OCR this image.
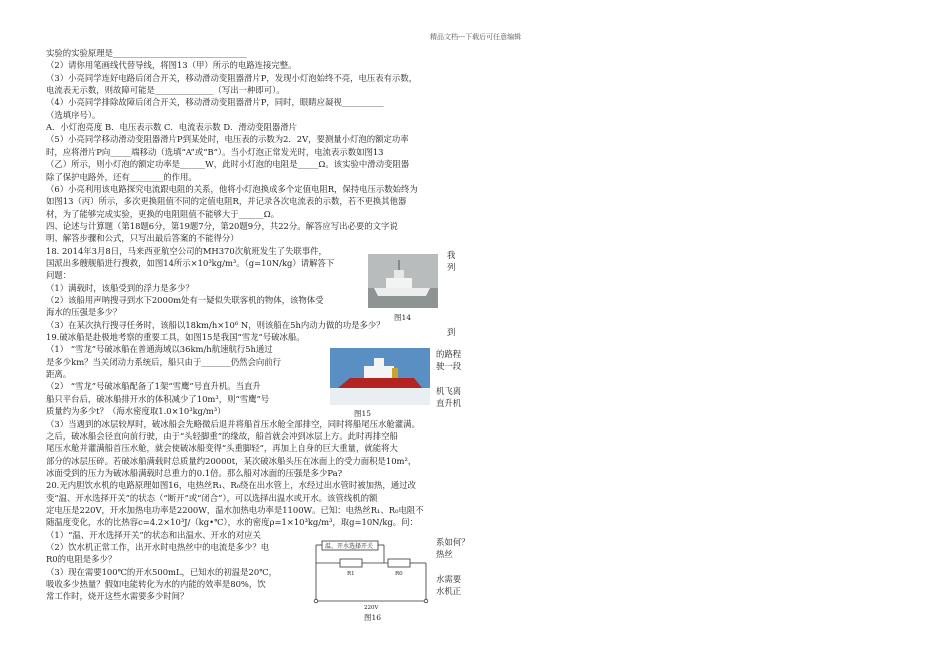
精品文档---下载后可任意编辑
实验的实验原理是________________________________
（2）请你用笔画线代替导线，将图13（甲）所示的电路连接完整。
（3）小亮同学连好电路后闭合开关，移动滑动变阻器滑片P，发现小灯泡始终不亮，电压表有示数，
电流表无示数，则故障可能是______________（写出一种即可）。
（4）小亮同学排除故障后闭合开关，移动滑动变阻器滑片P，同时，眼睛应凝视__________
（选填序号）。
A．小灯泡亮度 B．电压表示数 C．电流表示数 D．滑动变阻器滑片
（5）小亮同学移动滑动变阻器滑片P到某处时，电压表的示数为2．2V，要测量小灯泡的额定功率
时，应将滑片P向_____端移动（选填“A”或“B”）。当小灯泡正常发光时，电流表示数如图13
（乙）所示，则小灯泡的额定功率是______W，此时小灯泡的电阻是_____Ω。该实验中滑动变阻器
除了保护电路外，还有________的作用。
（6）小亮利用该电路探究电流跟电阻的关系，他将小灯泡换成多个定值电阻R，保持电压示数始终为
如图13（丙）所示，多次更换阻值不同的定值电阻R，并记录各次电流表的示数，若不更换其他器
材，为了能够完成实验，更换的电阻阻值不能够大于______Ω。
四、论述与计算题（第18题6分，第19题7分，第20题9分，共22分。解答应写出必要的文字说
明、解答步骤和公式，只写出最后答案的不能得分）
18. 2014年3月8日，马来西亚航空公司的MH370次航班发生了失联事件，
国派出多艘舰船进行搜救，如图14所示×10³kg/m³。（g=10N/kg）请解答下
问题：
（1）满载时，该船受到的浮力是多少？
（2）该船用声呐搜寻到水下2000m处有一疑似失联客机的物体，该物体受
海水的压强是多少？
（3）在某次执行搜寻任务时，该船以18km/h×10⁶ N，则该船在5h内动力做的功是多少？
19.破冰船是赴极地考察的重要工具，如图15是我国“雪龙”号破冰船。
（1） “雪龙”号破冰船在普通海域以36km/h航速航行5h通过
是多少km？当关闭动力系统后，船只由于_______仍然会向前行
距离。
（2） “雪龙”号破冰船配备了1架“雪鹰”号直升机。当直升
船只平台后，破冰船排开水的体积减少了10m³，则“雪鹰”号
质量约为多少t？（海水密度取1.0×10³kg/m³）
（3）当遇到的冰层较厚时，破冰船会先略微后退并将船首压水舱全部排空，同时将船尾压水舱灌满。
之后，破冰船会径直向前行驶，由于“头轻脚重”的缘故，船首就会冲到冰层上方。此时再排空船
尾压水舱并灌满船首压水舱，就会使破冰船变得“头重脚轻”，再加上自身的巨大重量，就能将大
部分的冰层压碎。若破冰船满载时总质量约20000t，某次破冰船头压在冰面上的受力面积是10m²，
冰面受到的压力为破冰船满载时总重力的0.1倍。那么船对冰面的压强是多少Pa?
20.无内胆饮水机的电路原理如图16，电热丝R₁、R₀绕在出水管上，水经过出水管时被加热，通过改
变“温、开水选择开关”的状态（“断开”或“闭合”），可以选择出温水或开水。该管线机的额
定电压是220V，开水加热电功率是2200W，温水加热电功率是1100W。已知：电热丝R₁、R₀电阻不
随温度变化，水的比热容c=4.2×10³J/（kg•℃），水的密度ρ=1×10³kg/m³，取g=10N/kg。问：
（1）“温、开水选择开关”的状态和出温水、开水的对应关
（2）饮水机正常工作，出开水时电热丝中的电流是多少？电
R0的电阻是多少？
（3）现在需要100℃的开水500mL，已知水的初温是20℃，
吸收多少热量？假如电能转化为水的内能的效率是80%，饮
常工作时，烧开这些水需要多少时间？
我
列
到
的路程
驶一段
机飞离
直升机
系如何？
热丝
水需要
水机正
图14
图15
温、开水选择开关
R1	R0
220V
图16
